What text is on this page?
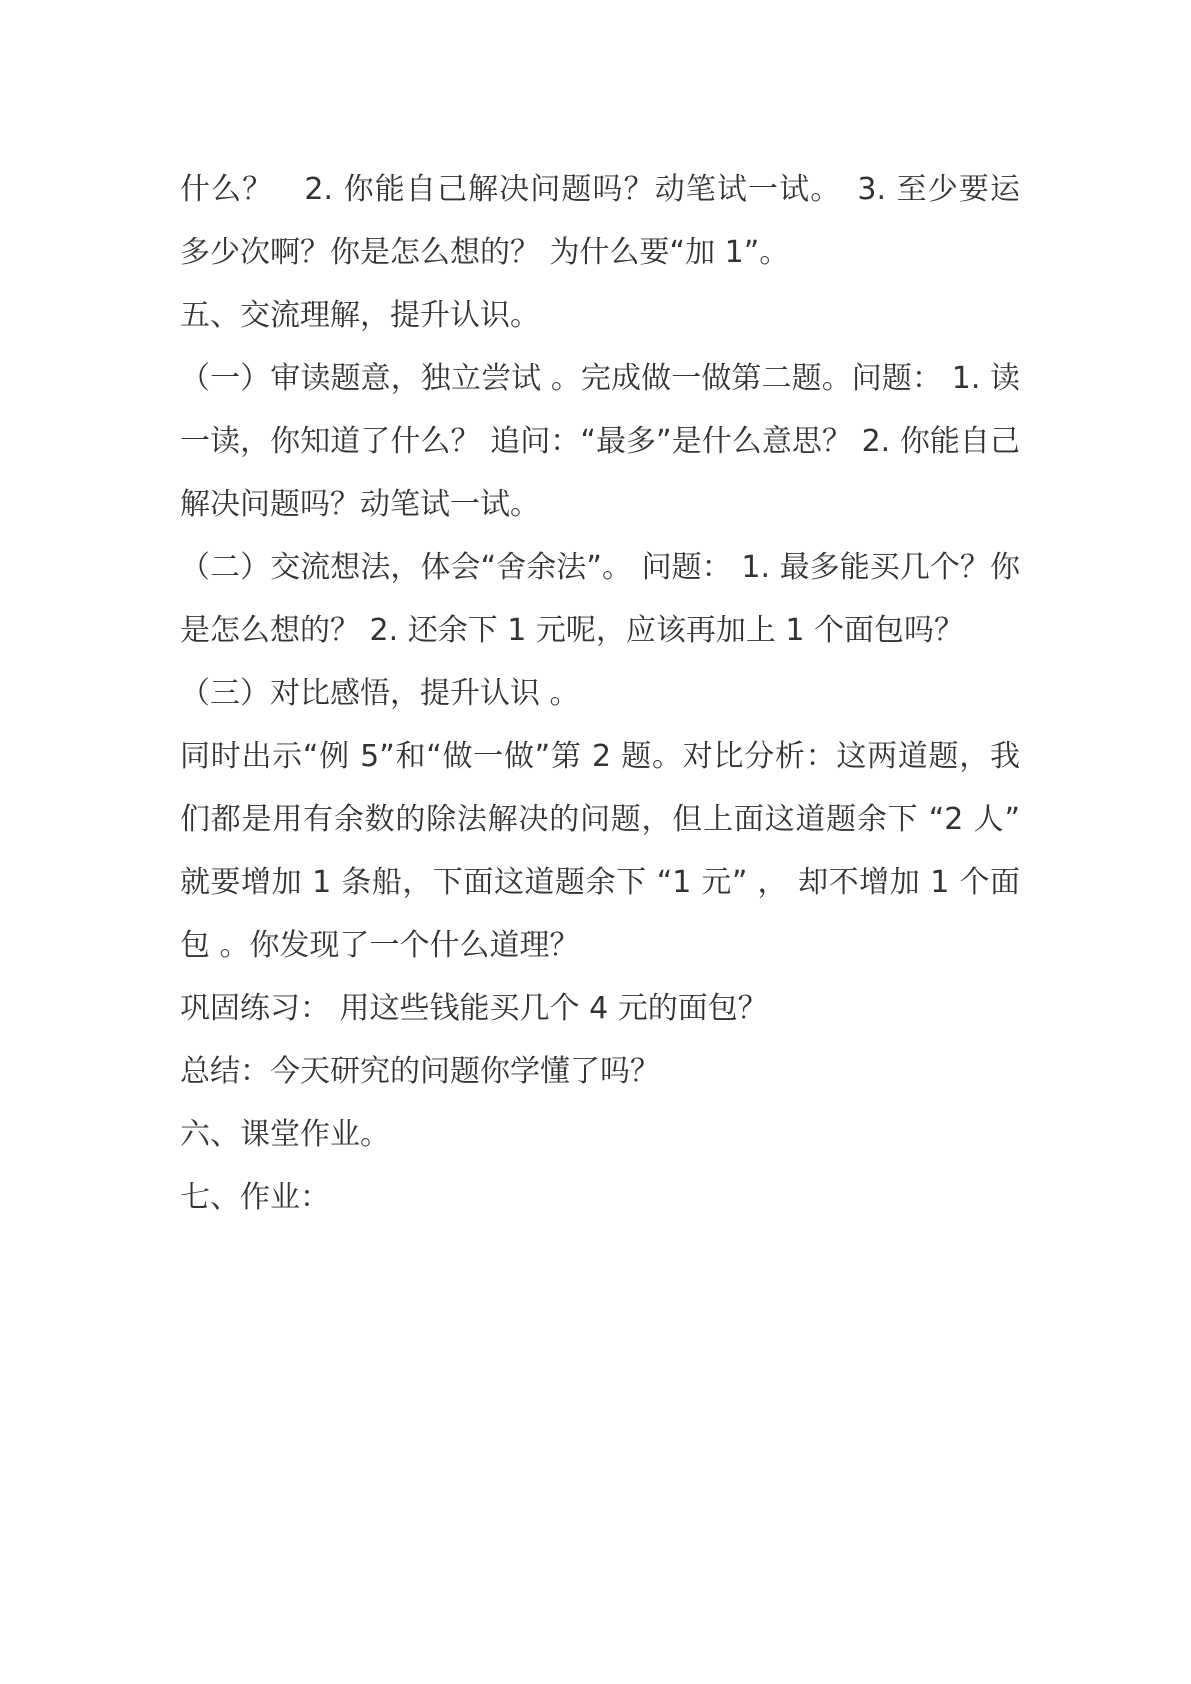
什么？　2. 你能自己解决问题吗？动笔试一试。　3. 至少要运多少次啊？你是怎么想的？ 为什么要“加 1”。

五、交流理解，提升认识。

（一）审读题意，独立尝试 。完成做一做第二题。问题： 1. 读一读，你知道了什么？ 追问：“最多”是什么意思？ 2. 你能自己解决问题吗？动笔试一试。

（二）交流想法，体会“舍余法”。 问题： 1. 最多能买几个？你是怎么想的？ 2. 还余下 1 元呢，应该再加上 1 个面包吗？

（三）对比感悟，提升认识 。

同时出示“例 5”和“做一做”第 2 题。对比分析：这两道题，我们都是用有余数的除法解决的问题，但上面这道题余下 “2 人” 就要增加 1 条船，下面这道题余下 “1 元” ， 却不增加 1 个面包 。你发现了一个什么道理？

巩固练习： 用这些钱能买几个 4 元的面包？

总结：今天研究的问题你学懂了吗？

六、课堂作业。

七、作业：
